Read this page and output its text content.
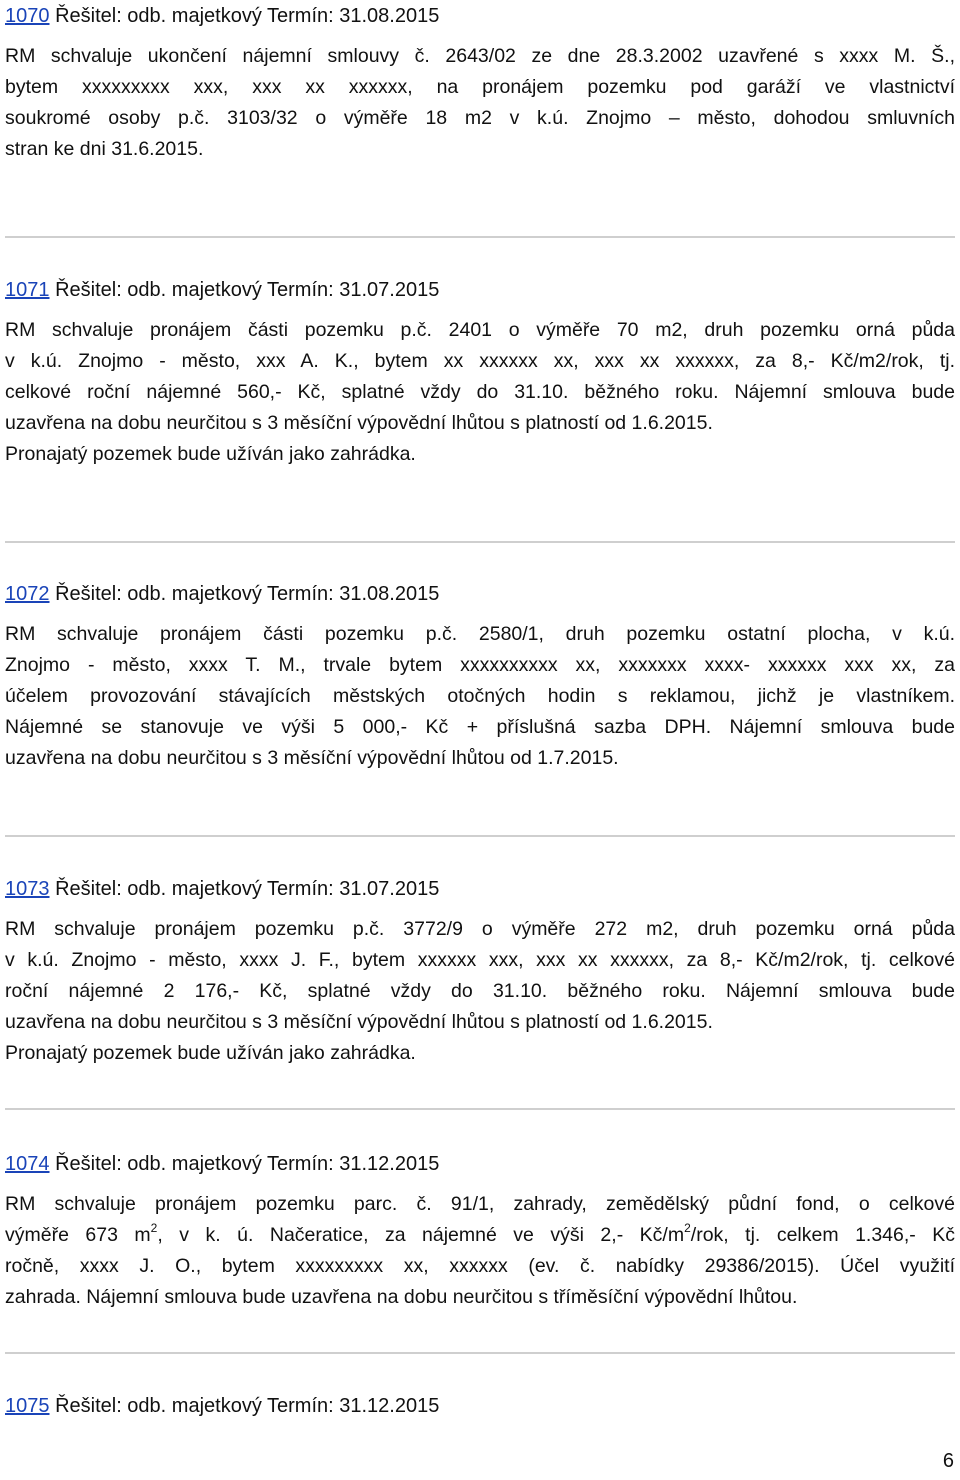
1070 Řešitel: odb. majetkový Termín: 31.08.2015
RM schvaluje ukončení nájemní smlouvy č. 2643/02 ze dne 28.3.2002 uzavřené s xxxx M. Š.,
bytem xxxxxxxxx xxx, xxx xx xxxxxx, na pronájem pozemku pod garáží ve vlastnictví
soukromé osoby p.č. 3103/32 o výměře 18 m2 v k.ú. Znojmo – město, dohodou smluvních
stran ke dni 31.6.2015.
1071 Řešitel: odb. majetkový Termín: 31.07.2015
RM schvaluje pronájem části pozemku p.č. 2401 o výměře 70 m2, druh pozemku orná půda
v k.ú. Znojmo - město, xxx A. K., bytem xx xxxxxx xx, xxx xx xxxxxx, za 8,- Kč/m2/rok, tj.
celkové roční nájemné 560,- Kč, splatné vždy do 31.10. běžného roku. Nájemní smlouva bude
uzavřena na dobu neurčitou s 3 měsíční výpovědní lhůtou s platností od 1.6.2015.
Pronajatý pozemek bude užíván jako zahrádka.
1072 Řešitel: odb. majetkový Termín: 31.08.2015
RM schvaluje pronájem části pozemku p.č. 2580/1, druh pozemku ostatní plocha, v k.ú.
Znojmo - město, xxxx T. M., trvale bytem xxxxxxxxxx xx, xxxxxxx xxxx- xxxxxx xxx xx, za
účelem provozování stávajících městských otočných hodin s reklamou, jichž je vlastníkem.
Nájemné se stanovuje ve výši 5 000,- Kč + příslušná sazba DPH. Nájemní smlouva bude
uzavřena na dobu neurčitou s 3 měsíční výpovědní lhůtou od 1.7.2015.
1073 Řešitel: odb. majetkový Termín: 31.07.2015
RM schvaluje pronájem pozemku p.č. 3772/9 o výměře 272 m2, druh pozemku orná půda
v k.ú. Znojmo - město, xxxx J. F., bytem xxxxxx xxx, xxx xx xxxxxx, za 8,- Kč/m2/rok, tj. celkové
roční nájemné 2 176,- Kč, splatné vždy do 31.10. běžného roku. Nájemní smlouva bude
uzavřena na dobu neurčitou s 3 měsíční výpovědní lhůtou s platností od 1.6.2015.
Pronajatý pozemek bude užíván jako zahrádka.
1074 Řešitel: odb. majetkový Termín: 31.12.2015
RM schvaluje pronájem pozemku parc. č. 91/1, zahrady, zemědělský půdní fond, o celkové
výměře 673 $m^2$, v k. ú. Načeratice, za nájemné ve výši 2,- $Kč/m^2$/rok, tj. celkem 1.346,- Kč
ročně, xxxx J. O., bytem xxxxxxxxx xx, xxxxxx (ev. č. nabídky 29386/2015). Účel využití
zahrada. Nájemní smlouva bude uzavřena na dobu neurčitou s tříměsíční výpovědní lhůtou.
1075 Řešitel: odb. majetkový Termín: 31.12.2015
6
